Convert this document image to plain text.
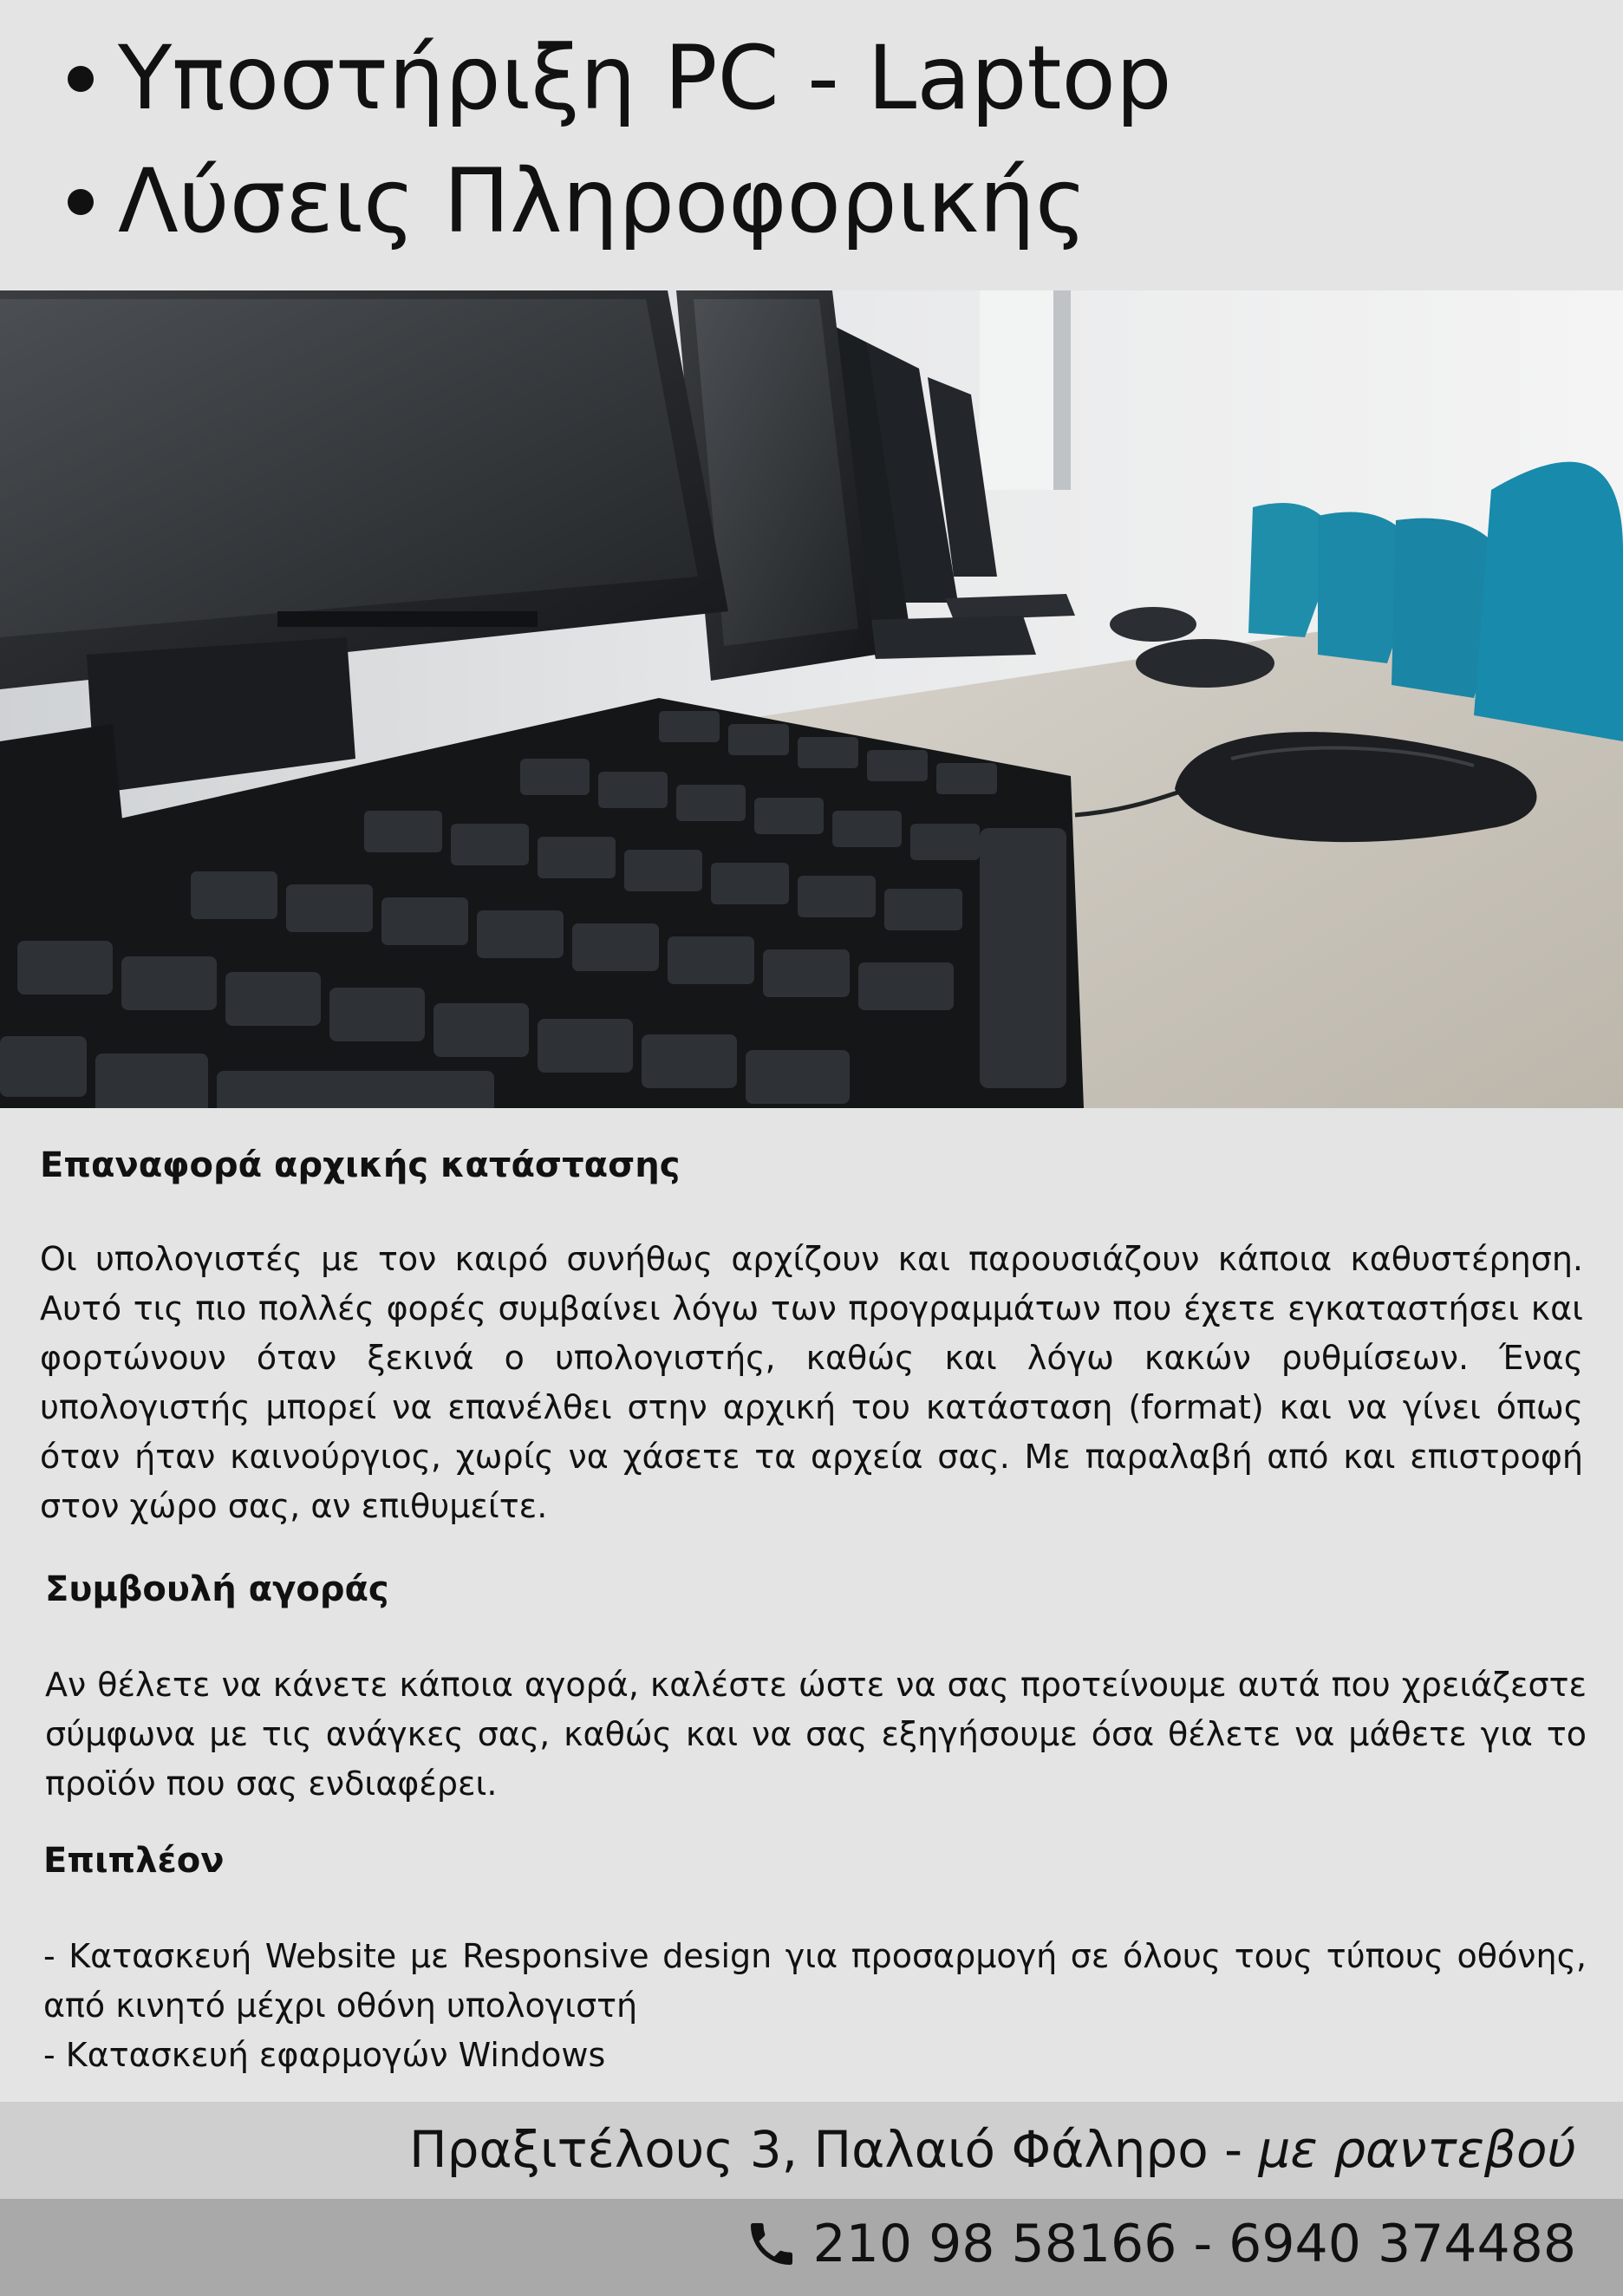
Υποστήριξη PC - Laptop
Λύσεις Πληροφορικής
Επαναφορά αρχικής κατάστασης
Οι υπολογιστές με τον καιρό συνήθως αρχίζουν και παρουσιάζουν κάποια καθυστέρηση. Αυτό τις πιο πολλές φορές συμβαίνει λόγω των προγραμμάτων που έχετε εγκαταστήσει και φορτώνουν όταν ξεκινά ο υπολογιστής, καθώς και λόγω κακών ρυθμίσεων. Ένας υπολογιστής μπορεί να επανέλθει στην αρχική του κατάσταση (format) και να γίνει όπως όταν ήταν καινούργιος, χωρίς να χάσετε τα αρχεία σας. Με παραλαβή από και επιστροφή στον χώρο σας, αν επιθυμείτε.
Συμβουλή αγοράς
Αν θέλετε να κάνετε κάποια αγορά, καλέστε ώστε να σας προτείνουμε αυτά που χρειάζεστε σύμφωνα με τις ανάγκες σας, καθώς και να σας εξηγήσουμε όσα θέλετε να μάθετε για το προϊόν που σας ενδιαφέρει.
Επιπλέον
- Κατασκευή Website με Responsive design για προσαρμογή σε όλους τους τύπους οθόνης, από κινητό μέχρι οθόνη υπολογιστή
- Κατασκευή εφαρμογών Windows
Πραξιτέλους 3, Παλαιό Φάληρο - με ραντεβού
210 98 58166 - 6940 374488
